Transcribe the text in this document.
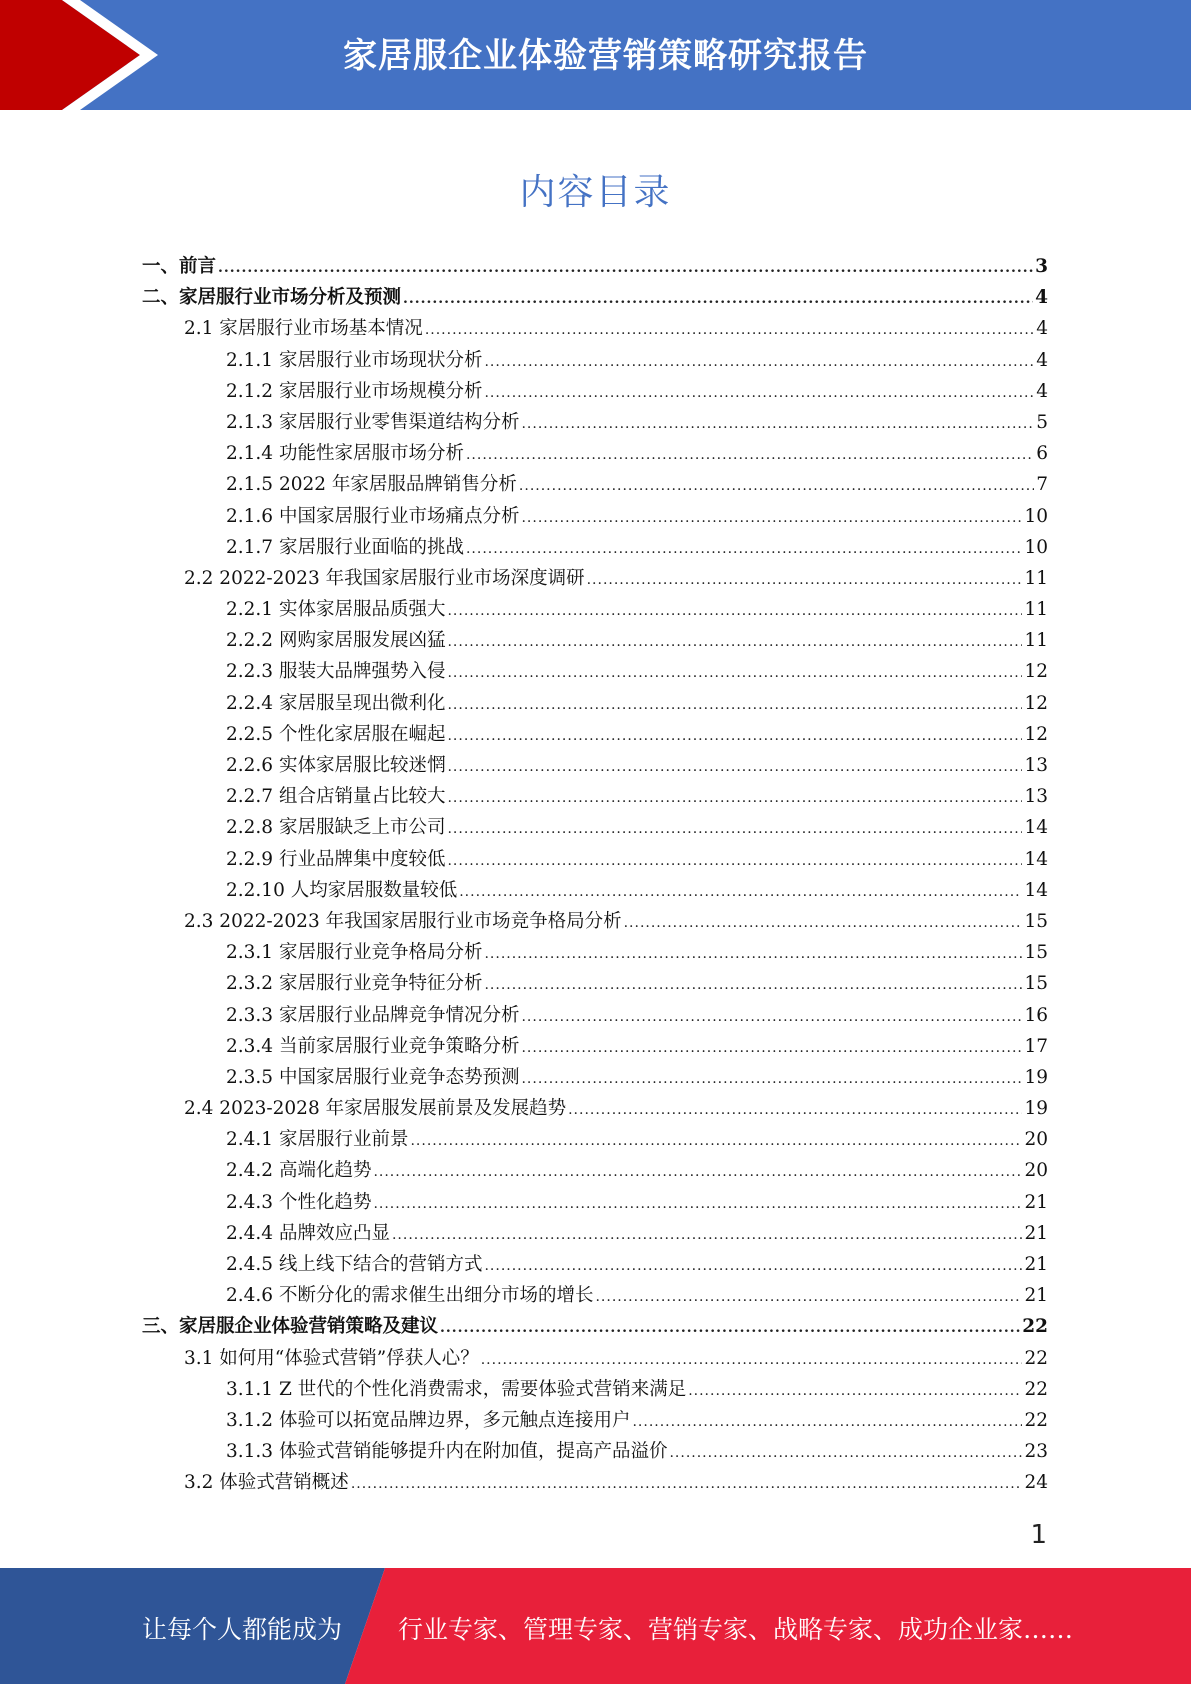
家居服企业体验营销策略研究报告
内容目录
一、前言 .....	3
二、家居服行业市场分析及预测 .....	4
2.1 家居服行业市场基本情况 .....	4
2.1.1 家居服行业市场现状分析 .....	4
2.1.2 家居服行业市场规模分析 .....	4
2.1.3 家居服行业零售渠道结构分析 .....	5
2.1.4 功能性家居服市场分析 .....	6
2.1.5 2022 年家居服品牌销售分析 .....	7
2.1.6 中国家居服行业市场痛点分析 .....	10
2.1.7 家居服行业面临的挑战 .....	10
2.2 2022-2023 年我国家居服行业市场深度调研 .....	11
2.2.1 实体家居服品质强大 .....	11
2.2.2 网购家居服发展凶猛 .....	11
2.2.3 服装大品牌强势入侵 .....	12
2.2.4 家居服呈现出微利化 .....	12
2.2.5 个性化家居服在崛起 .....	12
2.2.6 实体家居服比较迷惘 .....	13
2.2.7 组合店销量占比较大 .....	13
2.2.8 家居服缺乏上市公司 .....	14
2.2.9 行业品牌集中度较低 .....	14
2.2.10 人均家居服数量较低 .....	14
2.3 2022-2023 年我国家居服行业市场竞争格局分析 .....	15
2.3.1 家居服行业竞争格局分析 .....	15
2.3.2 家居服行业竞争特征分析 .....	15
2.3.3 家居服行业品牌竞争情况分析 .....	16
2.3.4 当前家居服行业竞争策略分析 .....	17
2.3.5 中国家居服行业竞争态势预测 .....	19
2.4 2023-2028 年家居服发展前景及发展趋势 .....	19
2.4.1 家居服行业前景 .....	20
2.4.2 高端化趋势 .....	20
2.4.3 个性化趋势 .....	21
2.4.4 品牌效应凸显 .....	21
2.4.5 线上线下结合的营销方式 .....	21
2.4.6 不断分化的需求催生出细分市场的增长 .....	21
三、家居服企业体验营销策略及建议 .....	22
3.1 如何用“体验式营销”俘获人心？ .....	22
3.1.1 Z 世代的个性化消费需求，需要体验式营销来满足 .....	22
3.1.2 体验可以拓宽品牌边界，多元触点连接用户 .....	22
3.1.3 体验式营销能够提升内在附加值，提高产品溢价 .....	23
3.2 体验式营销概述 .....	24
1
让每个人都能成为 行业专家、管理专家、营销专家、战略专家、成功企业家……
